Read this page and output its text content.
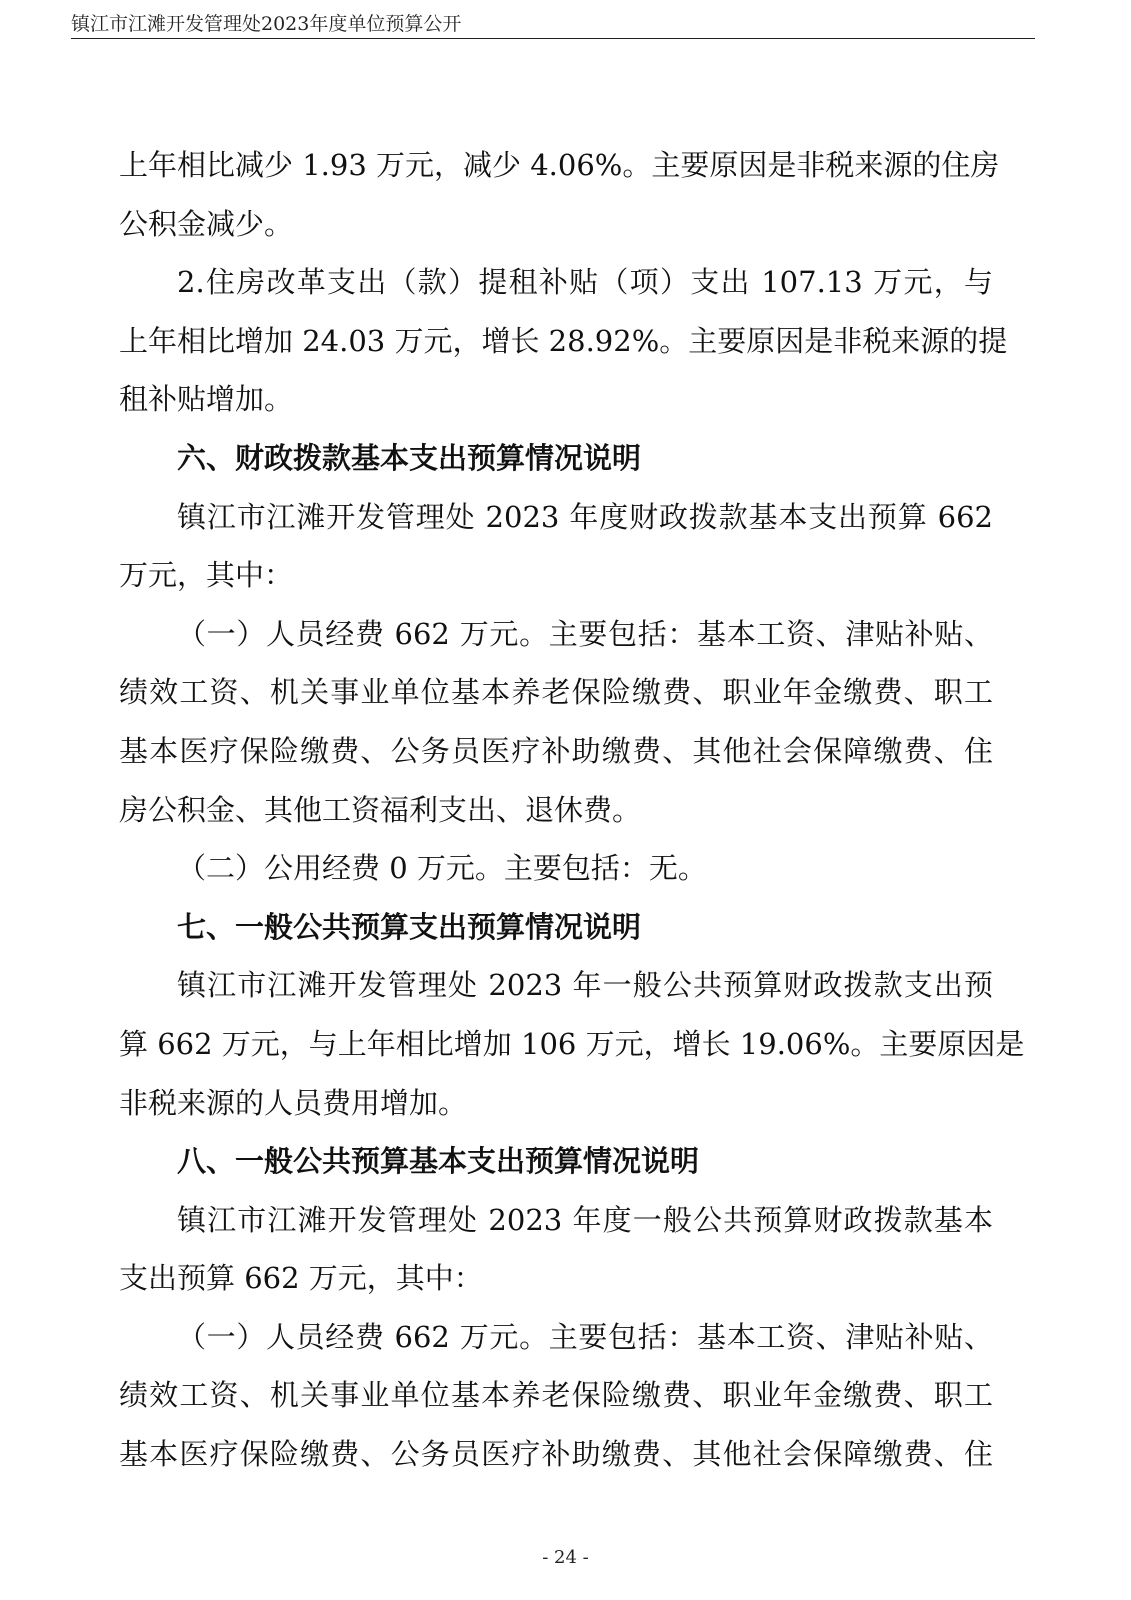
镇江市江滩开发管理处2023年度单位预算公开
上年相比减少 1.93 万元，减少 4.06%。主要原因是非税来源的住房
公积金减少。
2.住房改革支出（款）提租补贴（项）支出 107.13 万元，与
上年相比增加 24.03 万元，增长 28.92%。主要原因是非税来源的提
租补贴增加。
六、财政拨款基本支出预算情况说明
镇江市江滩开发管理处 2023 年度财政拨款基本支出预算 662
万元，其中：
（一）人员经费 662 万元。主要包括：基本工资、津贴补贴、
绩效工资、机关事业单位基本养老保险缴费、职业年金缴费、职工
基本医疗保险缴费、公务员医疗补助缴费、其他社会保障缴费、住
房公积金、其他工资福利支出、退休费。
（二）公用经费 0 万元。主要包括：无。
七、一般公共预算支出预算情况说明
镇江市江滩开发管理处 2023 年一般公共预算财政拨款支出预
算 662 万元，与上年相比增加 106 万元，增长 19.06%。主要原因是
非税来源的人员费用增加。
八、一般公共预算基本支出预算情况说明
镇江市江滩开发管理处 2023 年度一般公共预算财政拨款基本
支出预算 662 万元，其中：
（一）人员经费 662 万元。主要包括：基本工资、津贴补贴、
绩效工资、机关事业单位基本养老保险缴费、职业年金缴费、职工
基本医疗保险缴费、公务员医疗补助缴费、其他社会保障缴费、住
- 24 -
